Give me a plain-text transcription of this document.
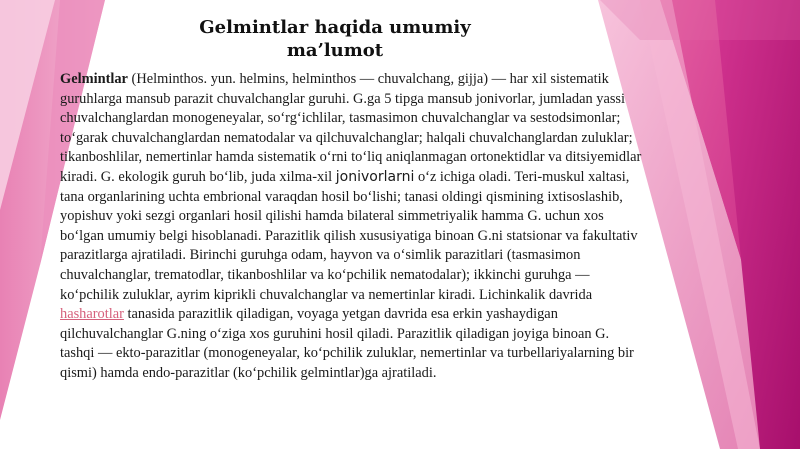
Gelmintlar haqida umumiy
ma’lumot

Gelmintlar (Helminthos. yun. helmins, helminthos — chuvalchang, gijja) — har xil sistematik guruhlarga mansub parazit chuvalchanglar guruhi. G.ga 5 tipga mansub jonivorlar, jumladan yassi chuvalchanglardan monogeneyalar, so‘rg‘ichlilar, tasmasimon chuvalchanglar va sestodsimonlar; to‘garak chuvalchanglardan nematodalar va qilchuvalchanglar; halqali chuvalchanglardan zuluklar; tikanboshlilar, nemertinlar hamda sistematik o‘rni to‘liq aniqlanmagan ortonektidlar va ditsiyemidlar kiradi. G. ekologik guruh bo‘lib, juda xilma-xil jonivorlarni o‘z ichiga oladi. Teri-muskul xaltasi, tana organlarining uchta embrional varaqdan hosil bo‘lishi; tanasi oldingi qismining ixtisoslashib, yopishuv yoki sezgi organlari hosil qilishi hamda bilateral simmetriyalik hamma G. uchun xos bo‘lgan umumiy belgi hisoblanadi. Parazitlik qilish xususiyatiga binoan G.ni statsionar va fakultativ parazitlarga ajratiladi. Birinchi guruhga odam, hayvon va o‘simlik parazitlari (tasmasimon chuvalchanglar, trematodlar, tikanboshlilar va ko‘pchilik nematodalar); ikkinchi guruhga — ko‘pchilik zuluklar, ayrim kiprikli chuvalchanglar va nemertinlar kiradi. Lichinkalik davrida hasharotlar tanasida parazitlik qiladigan, voyaga yetgan davrida esa erkin yashaydigan qilchuvalchanglar G.ning o‘ziga xos guruhini hosil qiladi. Parazitlik qiladigan joyiga binoan G. tashqi — ekto-parazitlar (monogeneyalar, ko‘pchilik zuluklar, nemertinlar va turbellariyalarning bir qismi) hamda endo-parazitlar (ko‘pchilik gelmintlar)ga ajratiladi.
